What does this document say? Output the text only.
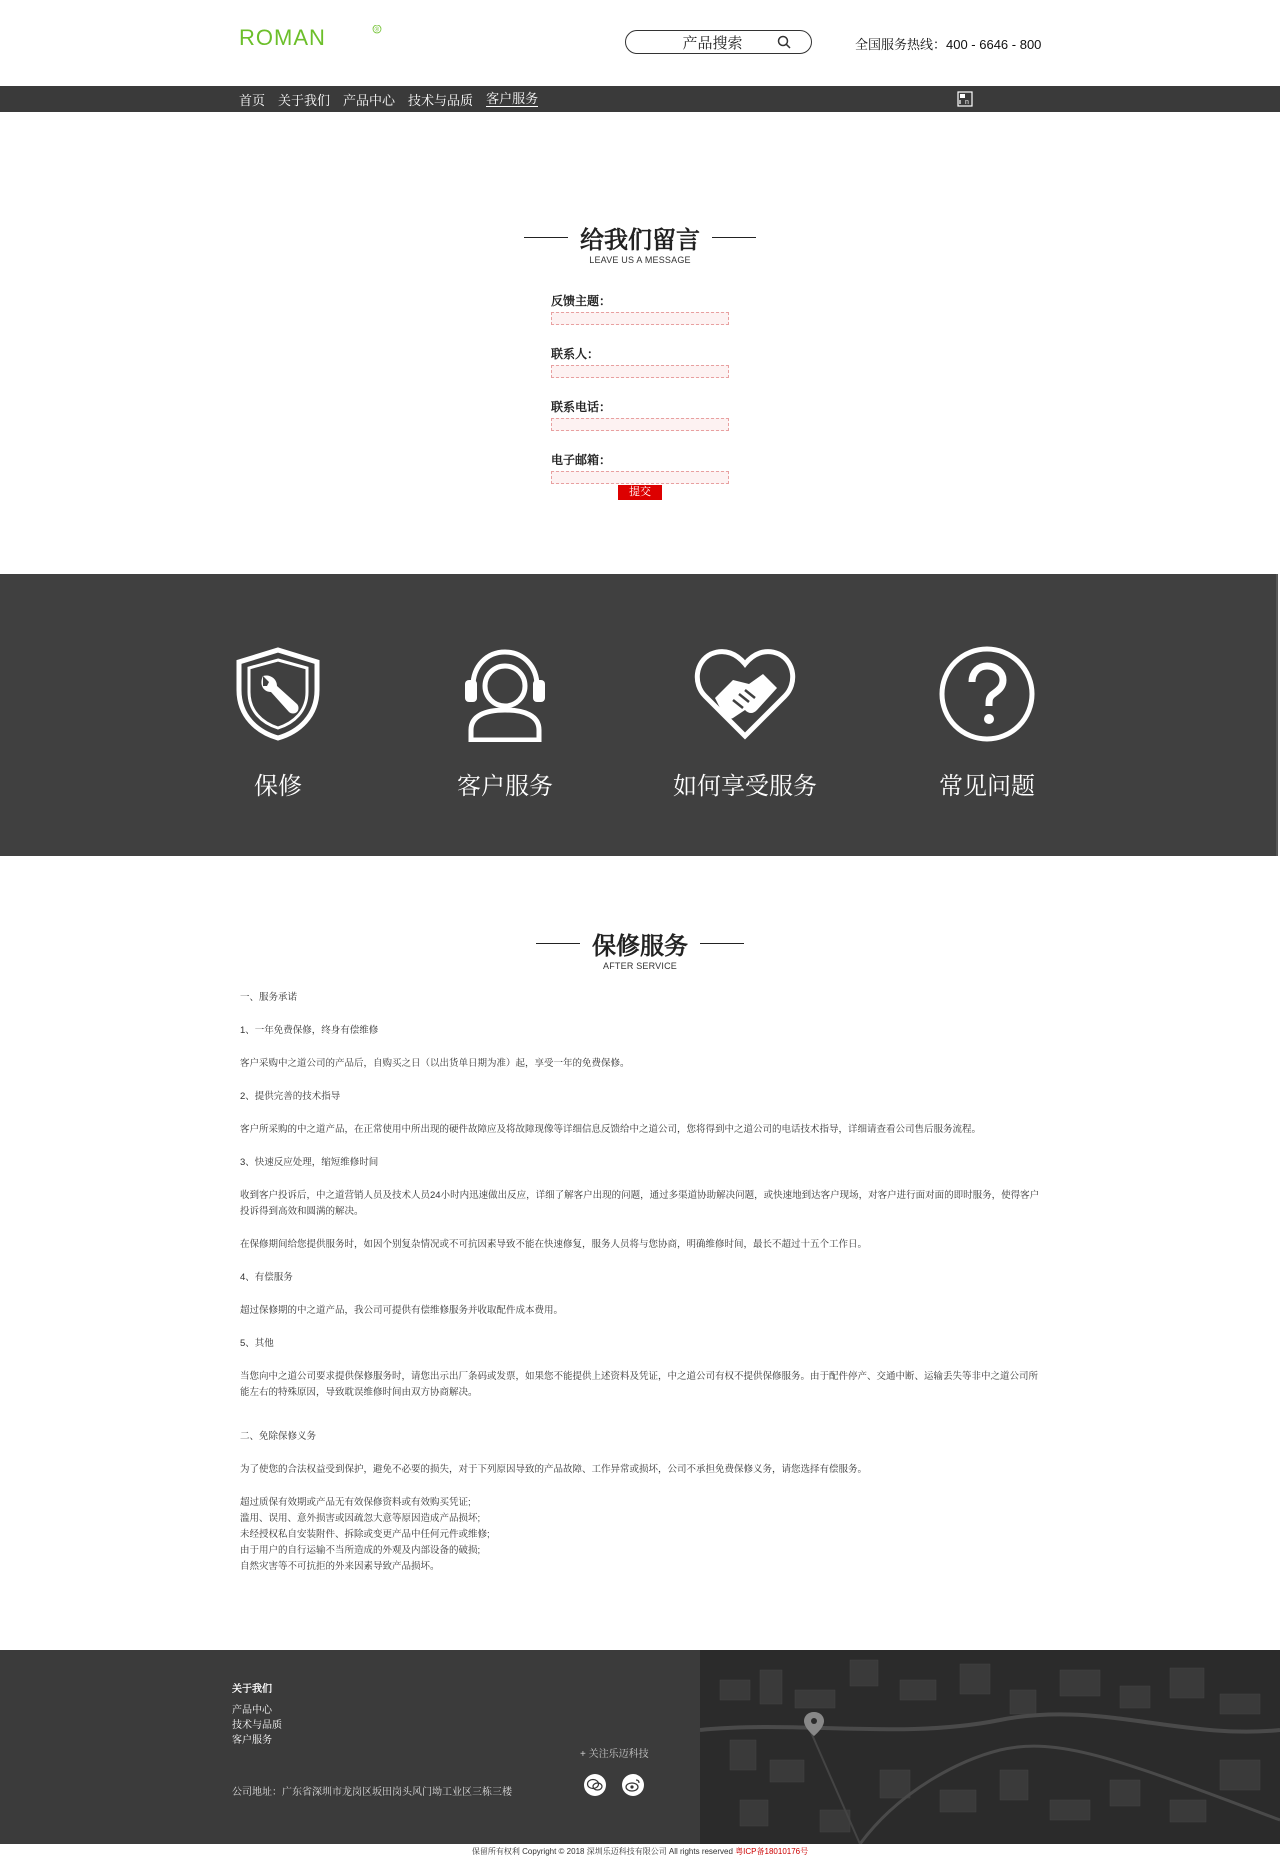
ROMAN	®
产品搜索	全国服务热线：400 - 6646 - 800
首页 关于我们 产品中心 技术与品质 客户服务	n
给我们留言
LEAVE US A MESSAGE
反馈主题：
联系人：
联系电话：
电子邮箱：
提交
保修	客户服务	如何享受服务	常见问题
保修服务
AFTER SERVICE

一、服务承诺

1、一年免费保修，终身有偿维修

客户采购中之道公司的产品后，自购买之日（以出货单日期为准）起，享受一年的免费保修。

2、提供完善的技术指导

客户所采购的中之道产品，在正常使用中所出现的硬件故障应及将故障现像等详细信息反馈给中之道公司，您将得到中之道公司的电话技术指导，详细请查看公司售后服务流程。

3、快速反应处理，缩短维修时间

收到客户投诉后，中之道营销人员及技术人员24小时内迅速做出反应，详细了解客户出现的问题，通过多渠道协助解决问题，或快速地到达客户现场，对客户进行面对面的即时服务，使得客户投诉得到高效和圆满的解决。

在保修期间给您提供服务时，如因个别复杂情况或不可抗因素导致不能在快速修复，服务人员将与您协商，明确维修时间，最长不超过十五个工作日。

4、有偿服务

超过保修期的中之道产品，我公司可提供有偿维修服务并收取配件成本费用。

5、其他

当您向中之道公司要求提供保修服务时，请您出示出厂条码或发票，如果您不能提供上述资料及凭证，中之道公司有权不提供保修服务。由于配件停产、交通中断、运输丢失等非中之道公司所能左右的特殊原因，导致耽误维修时间由双方协商解决。

二、免除保修义务

为了使您的合法权益受到保护，避免不必要的损失，对于下列原因导致的产品故障、工作异常或损坏，公司不承担免费保修义务，请您选择有偿服务。

超过质保有效期或产品无有效保修资料或有效购买凭证;
滥用、误用、意外损害或因疏忽大意等原因造成产品损坏;
未经授权私自安装附件、拆除或变更产品中任何元件或维修;
由于用户的自行运输不当所造成的外观及内部设备的破损;
自然灾害等不可抗拒的外来因素导致产品损坏。
关于我们
产品中心
技术与品质
客户服务
公司地址：广东省深圳市龙岗区坂田岗头风门坳工业区三栋三楼
+ 关注乐迈科技
保留所有权利 Copyright © 2018 深圳乐迈科技有限公司 All rights reserved 粤ICP备18010176号
